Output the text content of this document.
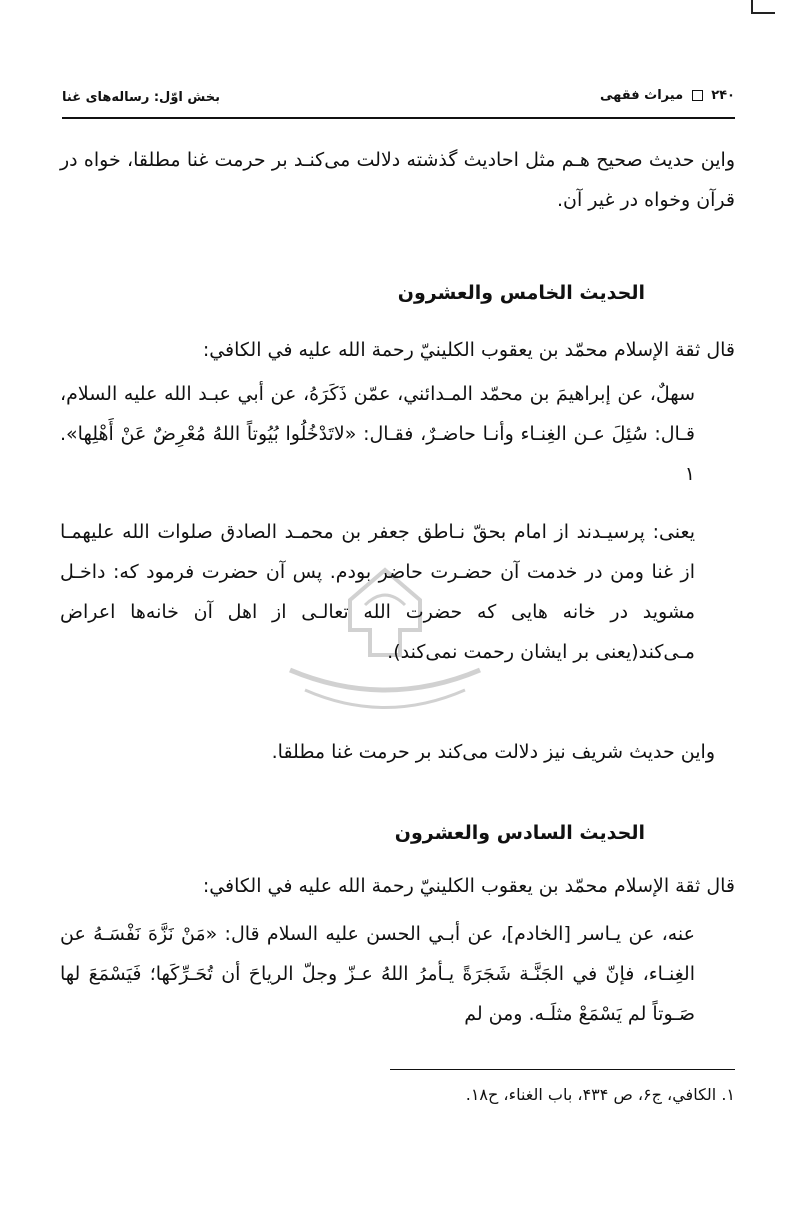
۲۴۰  میراث فقهی
بخش اوّل: رساله‌های غنا

واین حدیث صحیح هـم مثل احادیث گذشته دلالت می‌کنـد بر حرمت غنا مطلقا، خواه در قرآن وخواه در غیر آن.

الحديث الخامس والعشرون

قال ثقة الإسلام محمّد بن يعقوب الكلينيّ رحمة الله عليه في الكافي:

سهلٌ، عن إبراهيمَ بن محمّد المـدائني، عمّن ذَكَرَهُ، عن أبي عبـد الله عليه السلام، قـال: سُئِلَ عـن الغِنـاء وأنـا حاضـرٌ، فقـال: «لاتَدْخُلُوا بُيُوتاً اللهُ مُعْرِضٌ عَنْ أَهْلِها». ۱

یعنی: پرسیـدند از امام بحقّ نـاطق جعفر بن محمـد الصادق صلوات الله علیهمـا از غنا ومن در خدمت آن حضـرت حاضر بودم. پس آن حضرت فرمود که: داخـل مشوید در خانه هایی که حضرت الله تعالـی از اهل آن خانه‌ها اعراض مـی‌کند(یعنی بر ایشان رحمت نمی‌کند).

واین حدیث شریف نیز دلالت می‌کند بر حرمت غنا مطلقا.

الحديث السادس والعشرون

قال ثقة الإسلام محمّد بن يعقوب الكلينيّ رحمة الله عليه في الكافي:

عنه، عن يـاسر [الخادم]، عن أبـي الحسن عليه السلام قال: «مَنْ نَزَّهَ نَفْسَـهُ عن الغِنـاء، فإنّ في الجَنَّـة شَجَرَةً يـأمرُ اللهُ عـزّ وجلّ الرياحَ أن تُحَـرِّكَها؛ فَيَسْمَعَ لها صَـوتاً لم يَسْمَعْ مثلَـه. ومن لم

۱. الكافي، ج۶، ص ۴۳۴، باب الغناء، ح۱۸.
